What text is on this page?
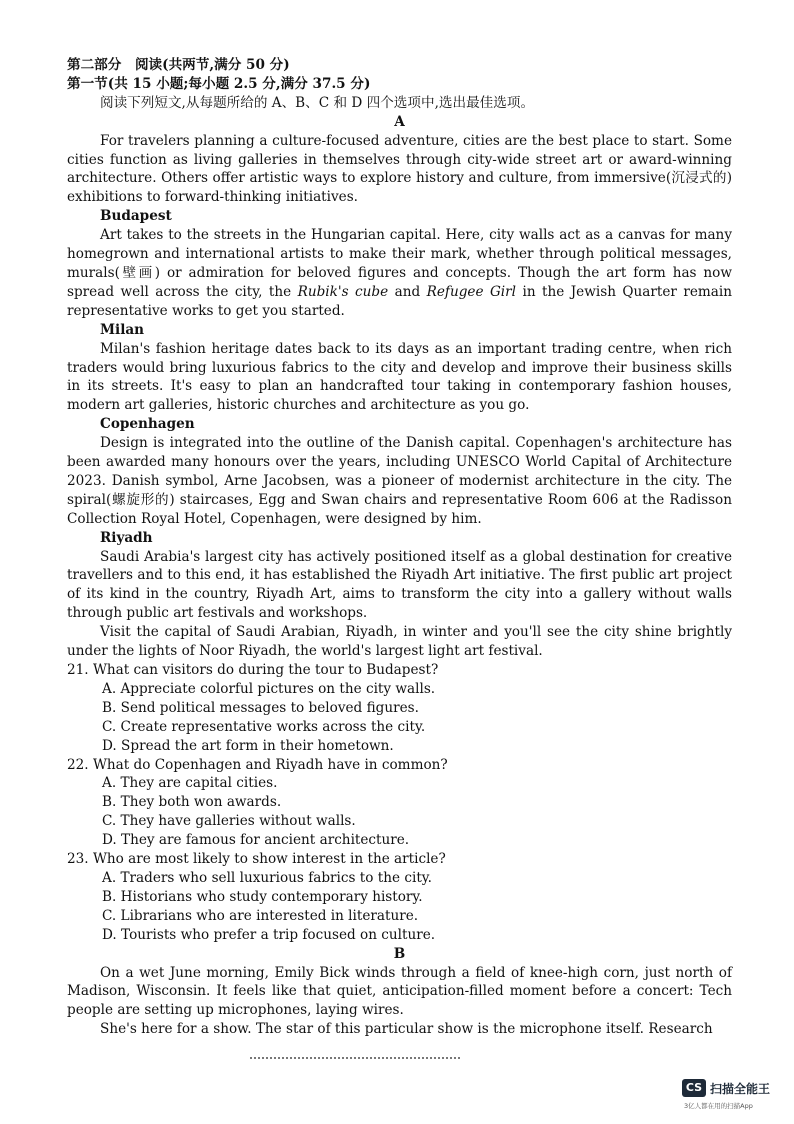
第二部分　阅读(共两节,满分 50 分)
第一节(共 15 小题;每小题 2.5 分,满分 37.5 分)
阅读下列短文,从每题所给的 A、B、C 和 D 四个选项中,选出最佳选项。
A
For travelers planning a culture-focused adventure, cities are the best place to start. Some cities function as living galleries in themselves through city-wide street art or award-winning architecture. Others offer artistic ways to explore history and culture, from immersive(沉浸式的) exhibitions to forward-thinking initiatives.
Budapest
Art takes to the streets in the Hungarian capital. Here, city walls act as a canvas for many homegrown and international artists to make their mark, whether through political messages, murals(壁画) or admiration for beloved figures and concepts. Though the art form has now spread well across the city, the Rubik's cube and Refugee Girl in the Jewish Quarter remain representative works to get you started.
Milan
Milan's fashion heritage dates back to its days as an important trading centre, when rich traders would bring luxurious fabrics to the city and develop and improve their business skills in its streets. It's easy to plan an handcrafted tour taking in contemporary fashion houses, modern art galleries, historic churches and architecture as you go.
Copenhagen
Design is integrated into the outline of the Danish capital. Copenhagen's architecture has been awarded many honours over the years, including UNESCO World Capital of Architecture 2023. Danish symbol, Arne Jacobsen, was a pioneer of modernist architecture in the city. The spiral(螺旋形的) staircases, Egg and Swan chairs and representative Room 606 at the Radisson Collection Royal Hotel, Copenhagen, were designed by him.
Riyadh
Saudi Arabia's largest city has actively positioned itself as a global destination for creative travellers and to this end, it has established the Riyadh Art initiative. The first public art project of its kind in the country, Riyadh Art, aims to transform the city into a gallery without walls through public art festivals and workshops.
Visit the capital of Saudi Arabian, Riyadh, in winter and you'll see the city shine brightly under the lights of Noor Riyadh, the world's largest light art festival.
21. What can visitors do during the tour to Budapest?
A. Appreciate colorful pictures on the city walls.
B. Send political messages to beloved figures.
C. Create representative works across the city.
D. Spread the art form in their hometown.
22. What do Copenhagen and Riyadh have in common?
A. They are capital cities.
B. They both won awards.
C. They have galleries without walls.
D. They are famous for ancient architecture.
23. Who are most likely to show interest in the article?
A. Traders who sell luxurious fabrics to the city.
B. Historians who study contemporary history.
C. Librarians who are interested in literature.
D. Tourists who prefer a trip focused on culture.
B
On a wet June morning, Emily Bick winds through a field of knee-high corn, just north of Madison, Wisconsin. It feels like that quiet, anticipation-filled moment before a concert: Tech people are setting up microphones, laying wires.
She's here for a show. The star of this particular show is the microphone itself. Research
CS 扫描全能王
3亿人都在用的扫描App
